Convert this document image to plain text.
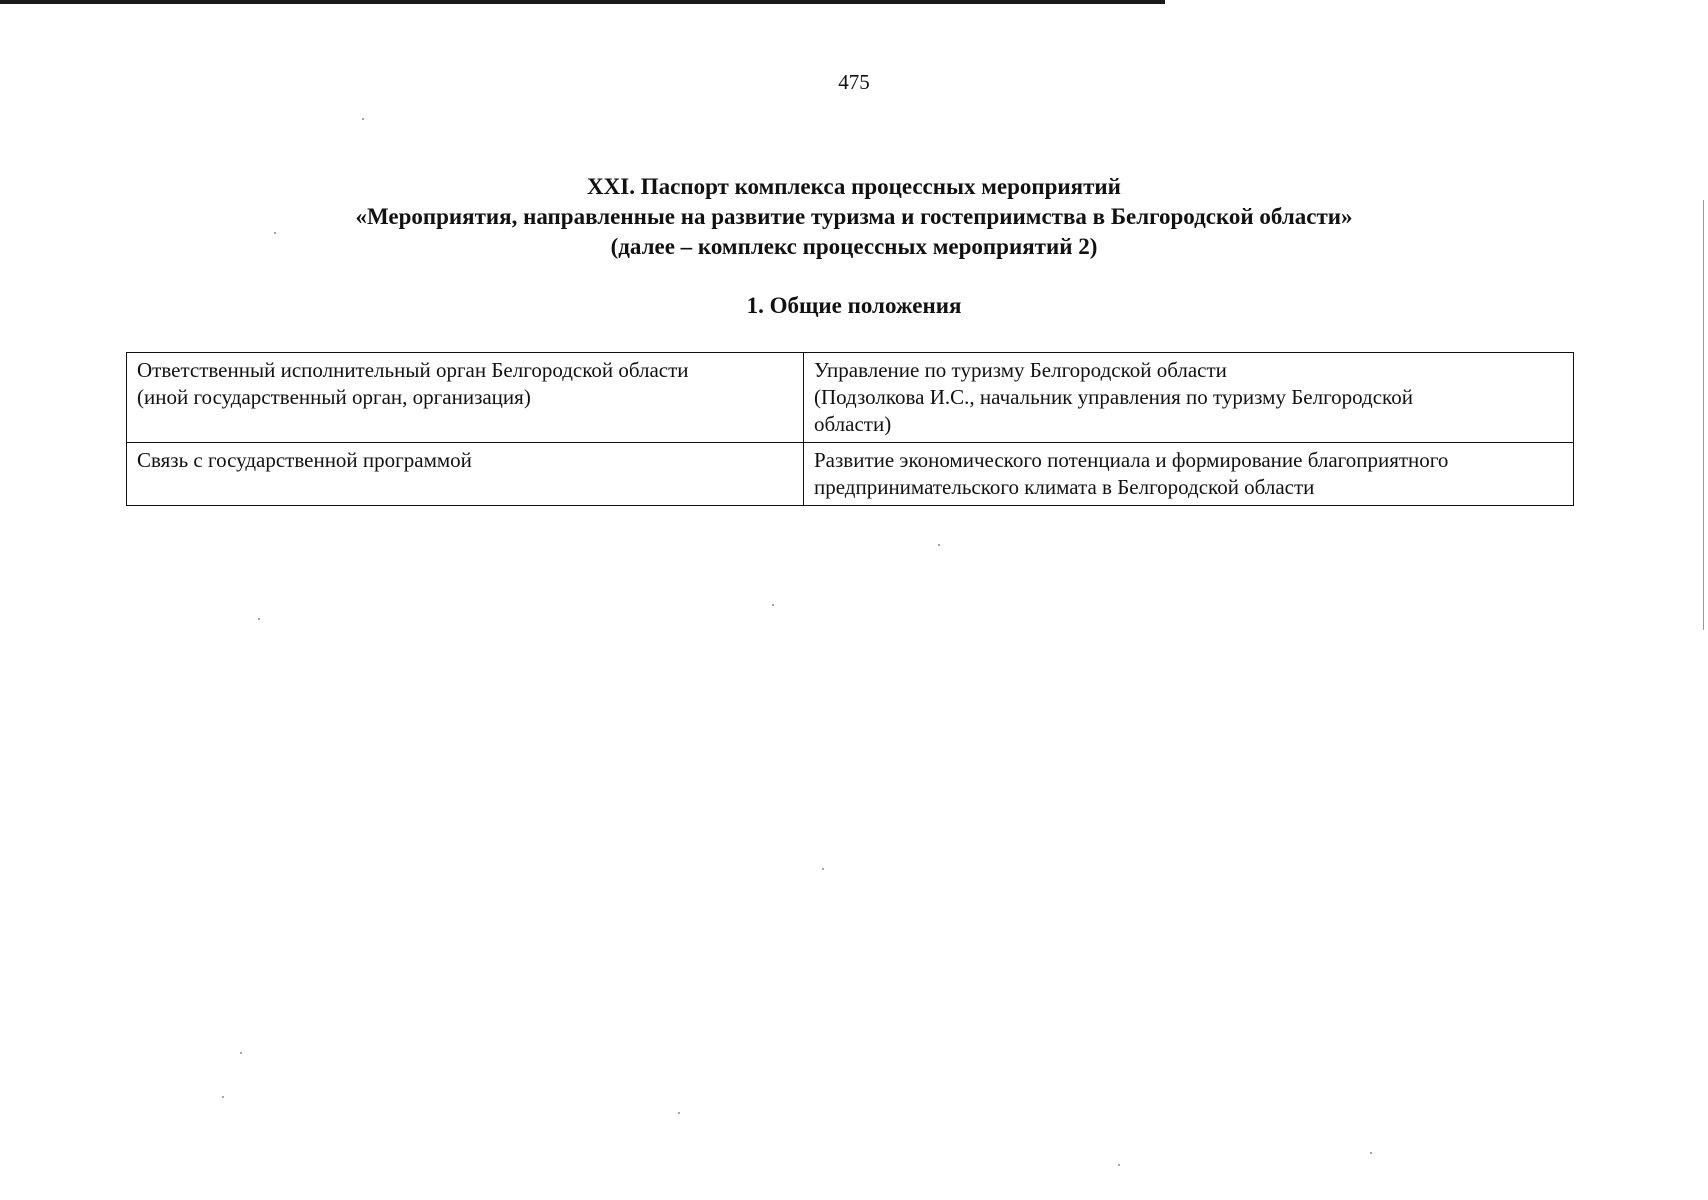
475
XXI. Паспорт комплекса процессных мероприятий
«Мероприятия, направленные на развитие туризма и гостеприимства в Белгородской области»
(далее – комплекс процессных мероприятий 2)
1. Общие положения
Ответственный исполнительный орган Белгородской области
(иной государственный орган, организация)	Управление по туризму Белгородской области
(Подзолкова И.С., начальник управления по туризму Белгородской
области)

Связь с государственной программой	Развитие экономического потенциала и формирование благоприятного
предпринимательского климата в Белгородской области
